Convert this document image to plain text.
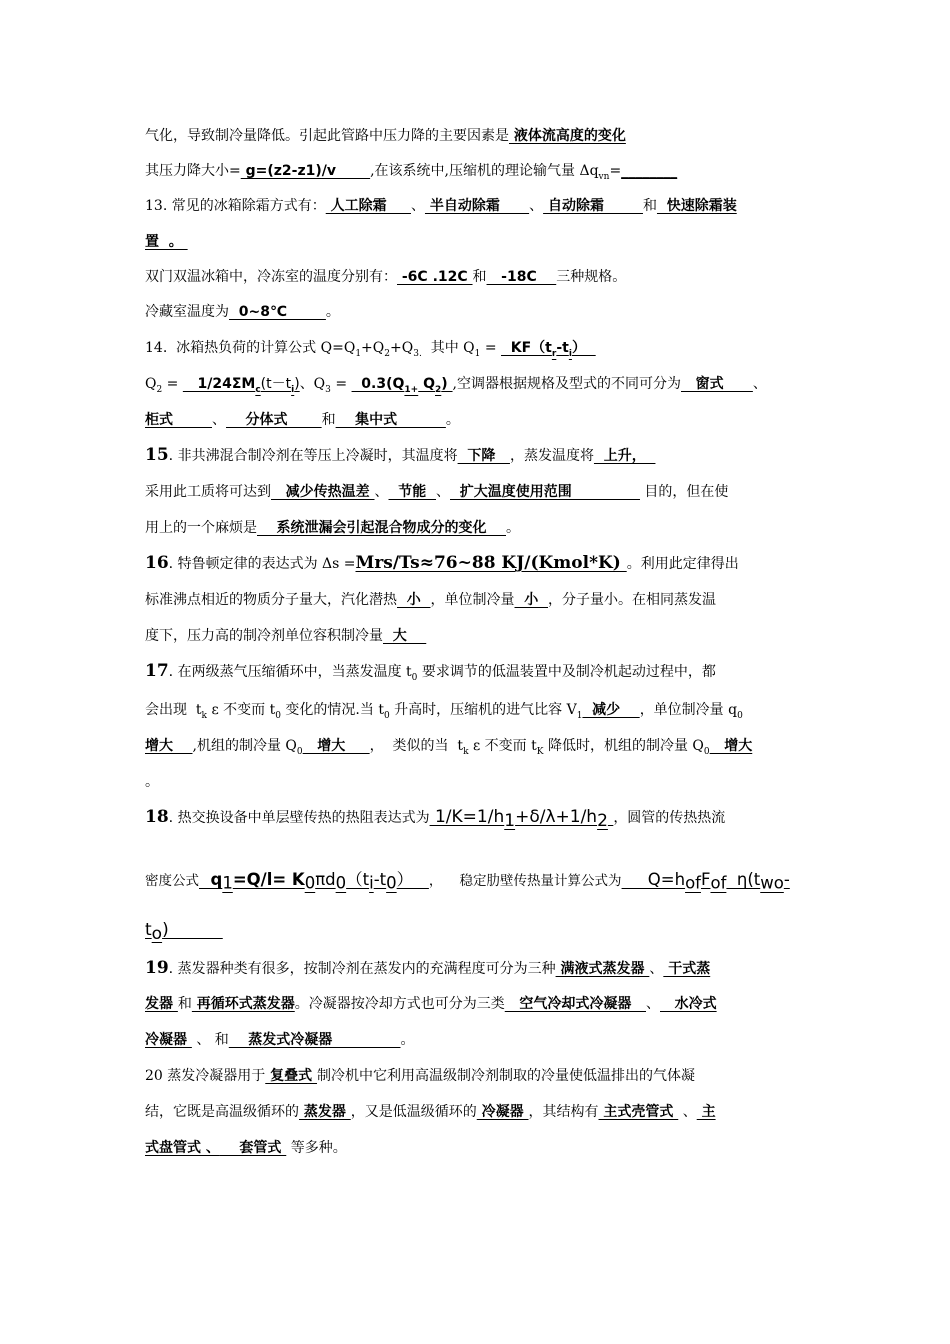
气化，导致制冷量降低。引起此管路中压力降的主要因素是 液体流高度的变化
其压力降大小= g=(z2-z1)/v       ,在该系统中,压缩机的理论输气量 $\Delta q_{vn}=\_\_\_\_\_\_\_\_$
13. 常见的冰箱除霜方式有： 人工除霜     、 半自动除霜      、 自动除霜        和  快速除霜装
置  。
双门双温冰箱中，冷冻室的温度分别有： -6C .12C 和   -18C    三种规格。
冷藏室温度为  0~8℃        。
14.  冰箱热负荷的计算公式 $Q=Q_1+Q_2+Q_{3.}$  其中 $Q_1 = KF(t_r-t_i)$
$Q_2$ =    $1/24\Sigma M_c(t-t_i)$、$Q_3 = 0.3(Q_{1+}$ $Q_2$) ,空调器根据规格及型式的不同可分为   窗式      、
柜式        、    分体式       和    集中式          。
15. 非共沸混合制冷剂在等压上冷凝时，其温度将  下降   ，蒸发温度将  上升，
采用此工质将可达到   减少传热温差 、  节能  、  扩大温度使用范围               目的，但在使
用上的一个麻烦是    系统泄漏会引起混合物成分的变化    。
16. 特鲁顿定律的表达式为 Δs =Mrs/Ts≈76~88 KJ/(Kmol*K) 。利用此定律得出
标准沸点相近的物质分子量大，汽化潜热  小  ，单位制冷量  小  ，分子量小。在相同蒸发温
度下，压力高的制冷剂单位容积制冷量  大
17. 在两级蒸气压缩循环中，当蒸发温度 $t_0$ 要求调节的低温装置中及制冷机起动过程中，都
会出现  $t_k$ ε 不变而 $t_0$ 变化的情况.当 $t_0$ 升高时，压缩机的进气比容 $V_1$  减少    ，单位制冷量 $q_0$
增大    ,机组的制冷量 $Q_0$   增大     ，  类似的当  $t_k$ ε 不变而 $t_K$ 降低时，机组的制冷量 $Q_0$   增大
。
18. 热交换设备中单层壁传热的热阻表达式为 $1/K=1/h_1+\delta/\lambda+1/h_2$ ，圆管的传热热流
密度公式  $q_1=Q/l= K_0\pi d_0(t_i-t_0)$   ，    稳定肋壁传热量计算公式为     $Q=h_{of}F_{of}$  $\eta(t_{wo}-$
$t_o$)
19. 蒸发器种类有很多，按制冷剂在蒸发内的充满程度可分为三种 满液式蒸发器 、 干式蒸
发器 和 再循环式蒸发器。冷凝器按冷却方式也可分为三类   空气冷却式冷凝器   、   水冷式
冷凝器  、 和    蒸发式冷凝器              。
20 蒸发冷凝器用于 复叠式 制冷机中它利用高温级制冷剂制取的冷量使低温排出的气体凝
结，它既是高温级循环的 蒸发器 ，又是低温级循环的 冷凝器 ，其结构有 主式壳管式  、 主
式盘管式 、    套管式  等多种。
